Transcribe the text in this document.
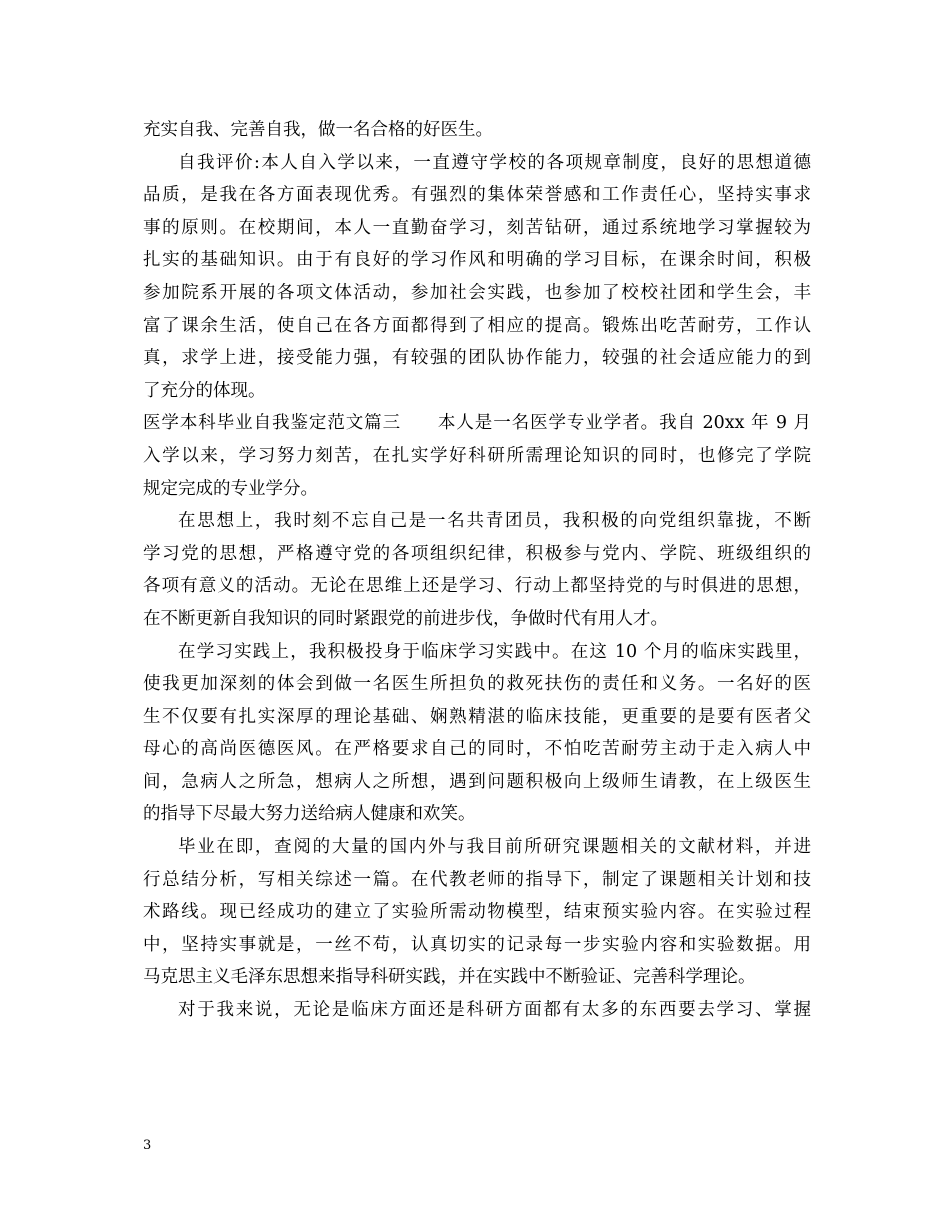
充实自我、完善自我，做一名合格的好医生。
自我评价:本人自入学以来，一直遵守学校的各项规章制度，良好的思想道德
品质，是我在各方面表现优秀。有强烈的集体荣誉感和工作责任心，坚持实事求
事的原则。在校期间，本人一直勤奋学习，刻苦钻研，通过系统地学习掌握较为
扎实的基础知识。由于有良好的学习作风和明确的学习目标，在课余时间，积极
参加院系开展的各项文体活动，参加社会实践，也参加了校校社团和学生会，丰
富了课余生活，使自己在各方面都得到了相应的提高。锻炼出吃苦耐劳，工作认
真，求学上进，接受能力强，有较强的团队协作能力，较强的社会适应能力的到
了充分的体现。
医学本科毕业自我鉴定范文篇三　　本人是一名医学专业学者。我自 20xx 年 9 月
入学以来，学习努力刻苦，在扎实学好科研所需理论知识的同时，也修完了学院
规定完成的专业学分。
在思想上，我时刻不忘自己是一名共青团员，我积极的向党组织靠拢，不断
学习党的思想，严格遵守党的各项组织纪律，积极参与党内、学院、班级组织的
各项有意义的活动。无论在思维上还是学习、行动上都坚持党的与时俱进的思想，
在不断更新自我知识的同时紧跟党的前进步伐，争做时代有用人才。
在学习实践上，我积极投身于临床学习实践中。在这 10 个月的临床实践里，
使我更加深刻的体会到做一名医生所担负的救死扶伤的责任和义务。一名好的医
生不仅要有扎实深厚的理论基础、娴熟精湛的临床技能，更重要的是要有医者父
母心的高尚医德医风。在严格要求自己的同时，不怕吃苦耐劳主动于走入病人中
间，急病人之所急，想病人之所想，遇到问题积极向上级师生请教，在上级医生
的指导下尽最大努力送给病人健康和欢笑。
毕业在即，查阅的大量的国内外与我目前所研究课题相关的文献材料，并进
行总结分析，写相关综述一篇。在代教老师的指导下，制定了课题相关计划和技
术路线。现已经成功的建立了实验所需动物模型，结束预实验内容。在实验过程
中，坚持实事就是，一丝不苟，认真切实的记录每一步实验内容和实验数据。用
马克思主义毛泽东思想来指导科研实践，并在实践中不断验证、完善科学理论。
对于我来说，无论是临床方面还是科研方面都有太多的东西要去学习、掌握
3
